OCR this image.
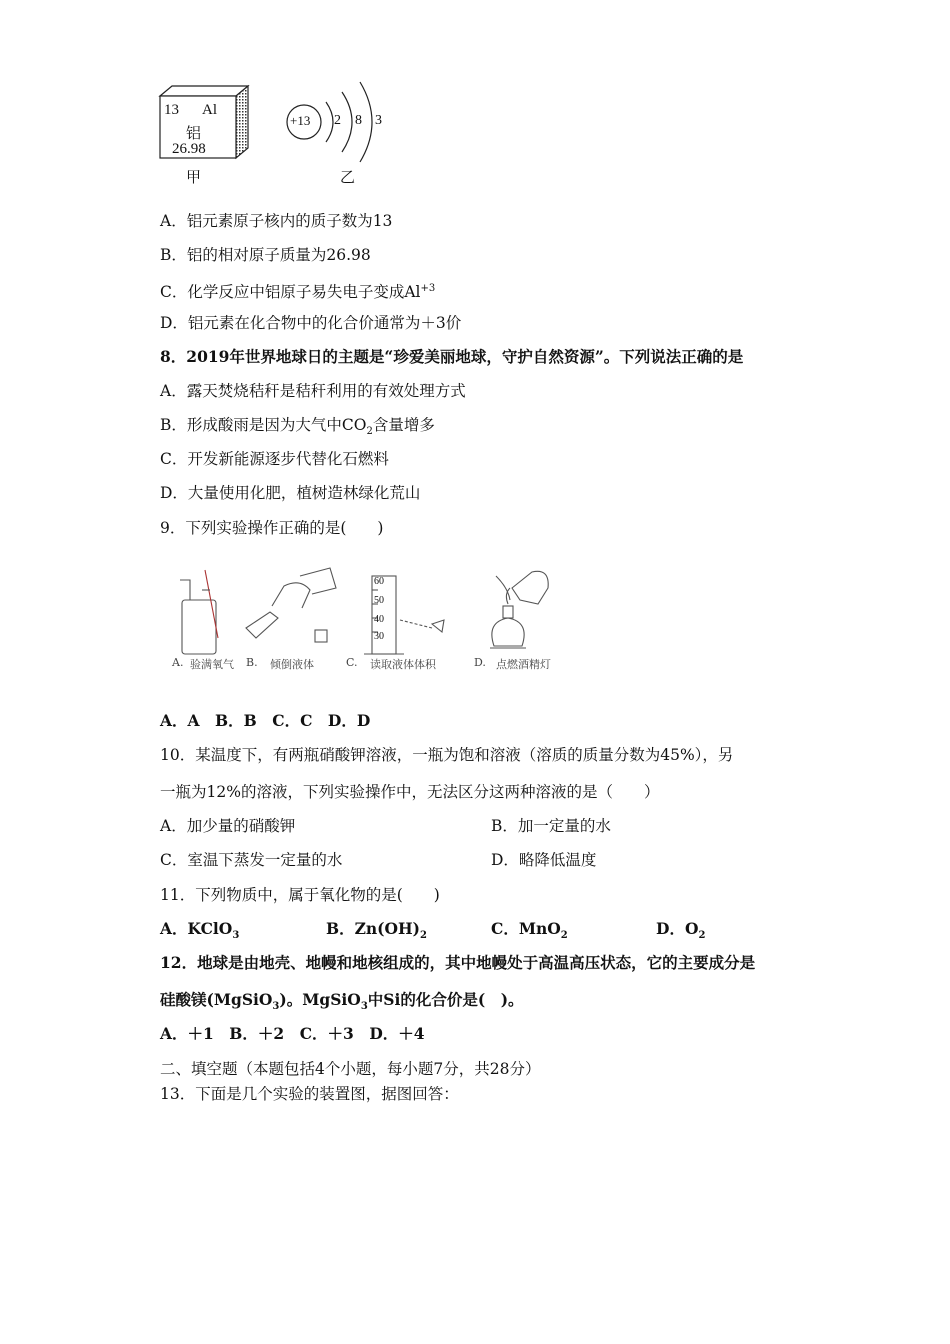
13 Al
铝
26.98
甲
+13 2 8 3
乙
A．铝元素原子核内的质子数为13
B．铝的相对原子质量为26.98
C．化学反应中铝原子易失电子变成$Al^{+3}$
D．铝元素在化合物中的化合价通常为＋3价
8．2019年世界地球日的主题是“珍爱美丽地球，守护自然资源”。下列说法正确的是
A．露天焚烧秸秆是秸秆利用的有效处理方式
B．形成酸雨是因为大气中$CO_2$含量增多
C．开发新能源逐步代替化石燃料
D．大量使用化肥，植树造林绿化荒山
9．下列实验操作正确的是(　　)
60
50
40
30
A. 验满氧气 B. 倾倒液体	C. 读取液体体积	D. 点燃酒精灯
A．A　B．B　C．C　D．D
10．某温度下，有两瓶硝酸钾溶液，一瓶为饱和溶液（溶质的质量分数为45%），另
一瓶为12%的溶液，下列实验操作中，无法区分这两种溶液的是（　　）
A．加少量的硝酸钾	B．加一定量的水
C．室温下蒸发一定量的水	D．略降低温度
11．下列物质中，属于氧化物的是(　　)
A．KClO$_3$	B．$Zn(OH)_2$	C．MnO$_2$	D．$O_2$
12．地球是由地壳、地幔和地核组成的，其中地幔处于高温高压状态，它的主要成分是
硅酸镁(MgSiO$_3$)。MgSiO$_3$中Si的化合价是(　)。
A．＋1　B．＋2　C．＋3　D．＋4
二、填空题（本题包括4个小题，每小题7分，共28分）
13．下面是几个实验的装置图，据图回答：
